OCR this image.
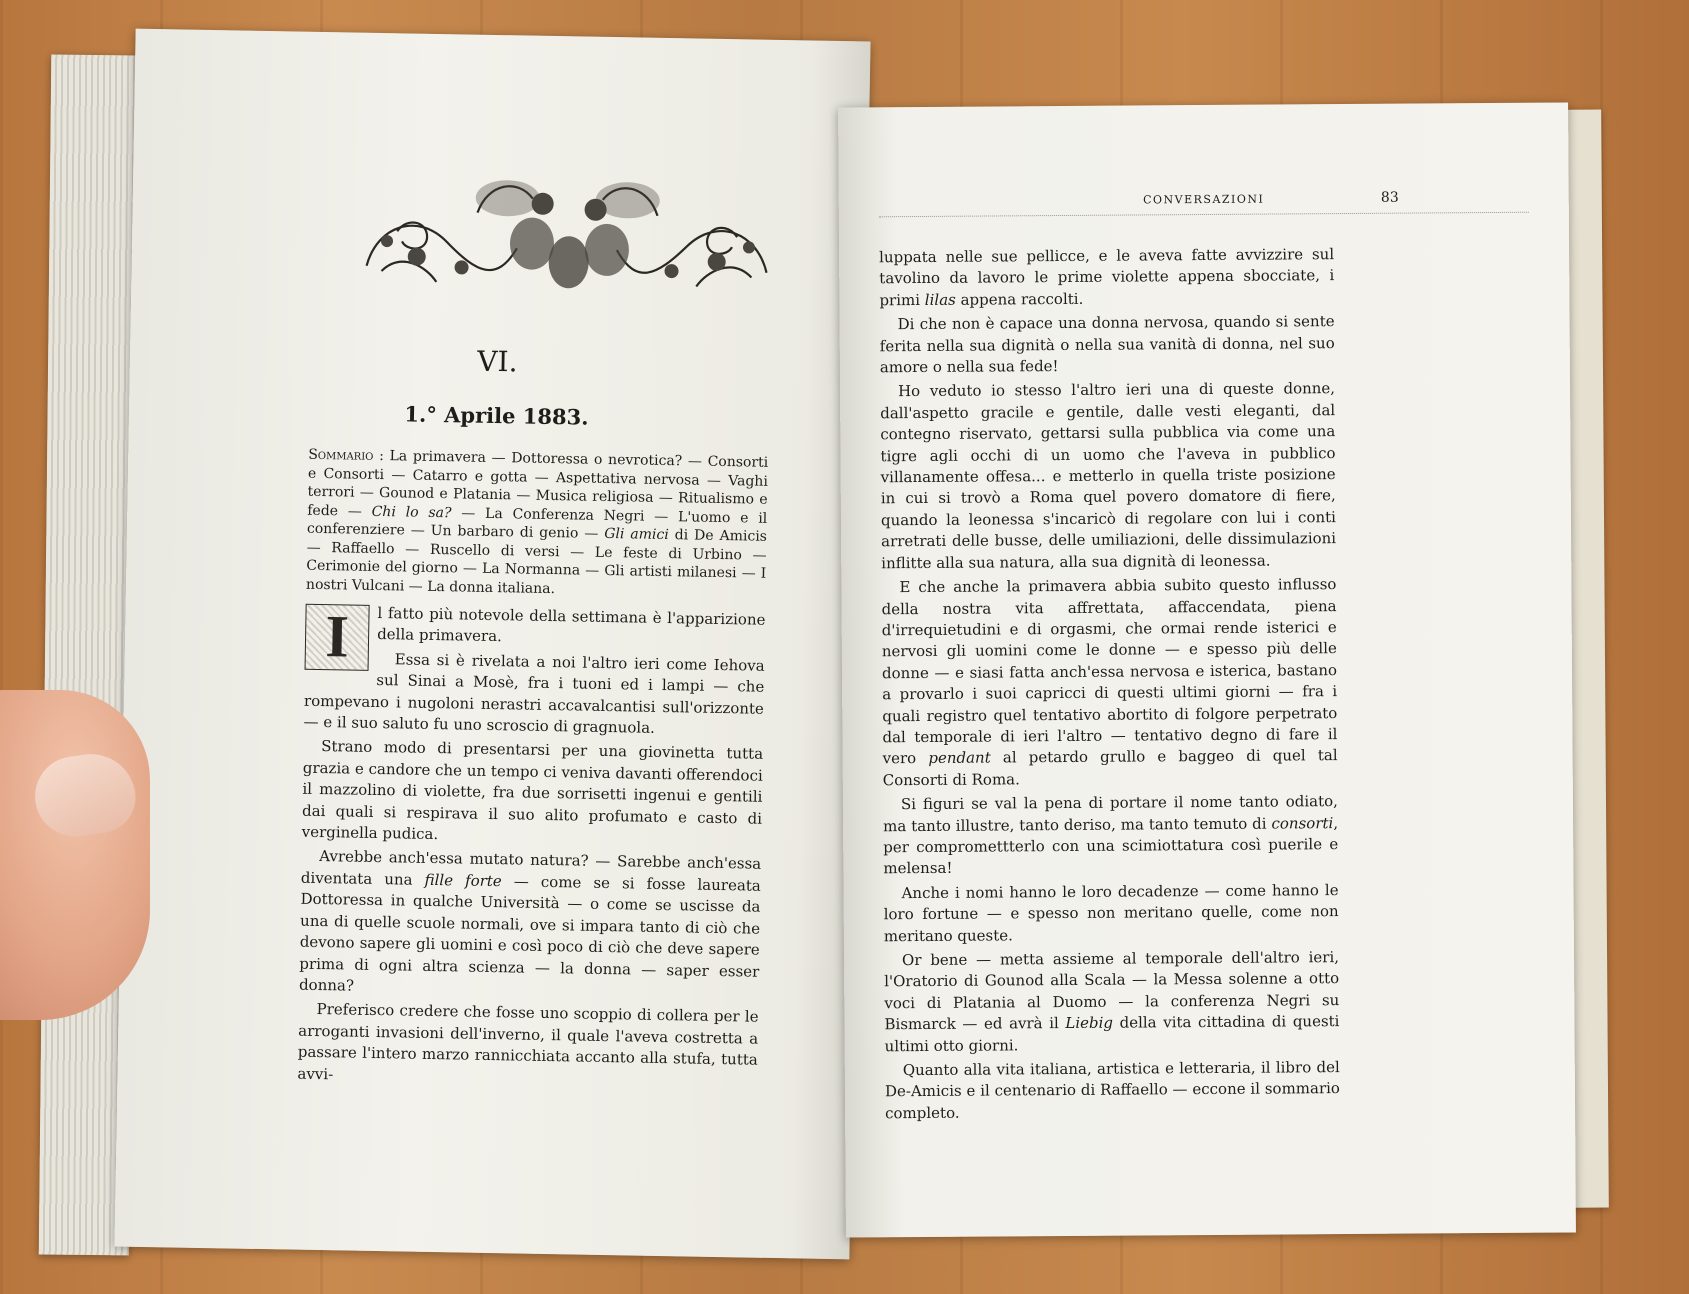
VI.
1.° Aprile 1883.
Sommario : La primavera — Dottoressa o nevrotica? — Consorti e Consorti — Catarro e gotta — Aspettativa nervosa — Vaghi terrori — Gounod e Platania — Musica religiosa — Ritualismo e fede — Chi lo sa? — La Conferenza Negri — L'uomo e il conferenziere — Un barbaro di genio — Gli amici di De Amicis — Raffaello — Ruscello di versi — Le feste di Urbino — Cerimonie del giorno — La Normanna — Gli artisti milanesi — I nostri Vulcani — La donna italiana.
I	l fatto più notevole della settimana è l'apparizione della primavera.

Essa si è rivelata a noi l'altro ieri come Iehova sul Sinai a Mosè, fra i tuoni ed i lampi — che rompevano i nugoloni nerastri accavalcantisi sull'orizzonte — e il suo saluto fu uno scroscio di gragnuola.

Strano modo di presentarsi per una giovinetta tutta grazia e candore che un tempo ci veniva davanti offerendoci il mazzolino di violette, fra due sorrisetti ingenui e gentili dai quali si respirava il suo alito profumato e casto di verginella pudica.

Avrebbe anch'essa mutato natura? — Sarebbe anch'essa diventata una fille forte — come se si fosse laureata Dottoressa in qualche Università — o come se uscisse da una di quelle scuole normali, ove si impara tanto di ciò che devono sapere gli uomini e così poco di ciò che deve sapere prima di ogni altra scienza — la donna — saper esser donna?

Preferisco credere che fosse uno scoppio di collera per le arroganti invasioni dell'inverno, il quale l'aveva costretta a passare l'intero marzo rannicchiata accanto alla stufa, tutta avvi-

CONVERSAZIONI	83

luppata nelle sue pellicce, e le aveva fatte avvizzire sul tavolino da lavoro le prime violette appena sbocciate, i primi lilas appena raccolti.

Di che non è capace una donna nervosa, quando si sente ferita nella sua dignità o nella sua vanità di donna, nel suo amore o nella sua fede!

Ho veduto io stesso l'altro ieri una di queste donne, dall'aspetto gracile e gentile, dalle vesti eleganti, dal contegno riservato, gettarsi sulla pubblica via come una tigre agli occhi di un uomo che l'aveva in pubblico villanamente offesa... e metterlo in quella triste posizione in cui si trovò a Roma quel povero domatore di fiere, quando la leonessa s'incaricò di regolare con lui i conti arretrati delle busse, delle umiliazioni, delle dissimulazioni inflitte alla sua natura, alla sua dignità di leonessa.

E che anche la primavera abbia subito questo influsso della nostra vita affrettata, affaccendata, piena d'irrequietudini e di orgasmi, che ormai rende isterici e nervosi gli uomini come le donne — e spesso più delle donne — e siasi fatta anch'essa nervosa e isterica, bastano a provarlo i suoi capricci di questi ultimi giorni — fra i quali registro quel tentativo abortito di folgore perpetrato dal temporale di ieri l'altro — tentativo degno di fare il vero pendant al petardo grullo e baggeo di quel tal Consorti di Roma.

Si figuri se val la pena di portare il nome tanto odiato, ma tanto illustre, tanto deriso, ma tanto temuto di consorti, per compromettterlo con una scimiottatura così puerile e melensa!

Anche i nomi hanno le loro decadenze — come hanno le loro fortune — e spesso non meritano quelle, come non meritano queste.

Or bene — metta assieme al temporale dell'altro ieri, l'Oratorio di Gounod alla Scala — la Messa solenne a otto voci di Platania al Duomo — la conferenza Negri su Bismarck — ed avrà il Liebig della vita cittadina di questi ultimi otto giorni.

Quanto alla vita italiana, artistica e letteraria, il libro del De-Amicis e il centenario di Raffaello — eccone il sommario completo.
